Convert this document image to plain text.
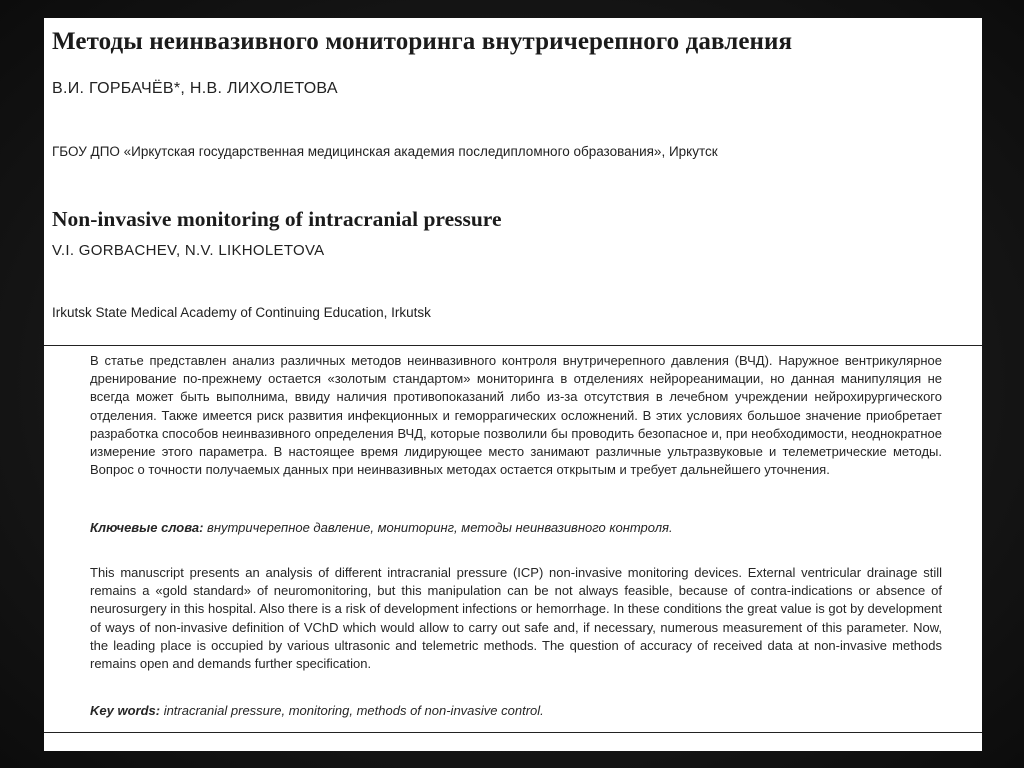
Методы неинвазивного мониторинга внутричерепного давления
В.И. ГОРБАЧЁВ*, Н.В. ЛИХОЛЕТОВА
ГБОУ ДПО «Иркутская государственная медицинская академия последипломного образования», Иркутск
Non-invasive monitoring of intracranial pressure
V.I. GORBACHEV, N.V. LIKHOLETOVA
Irkutsk State Medical Academy of Continuing Education, Irkutsk

В статье представлен анализ различных методов неинвазивного контроля внутричерепного давления (ВЧД). Наружное вентрикулярное дренирование по-прежнему остается «золотым стандартом» мониторинга в отделениях нейрореанимации, но данная манипуляция не всегда может быть выполнима, ввиду наличия противопоказаний либо из-за отсутствия в лечебном учреждении нейрохирургического отделения. Также имеется риск развития инфекционных и геморрагических осложнений. В этих условиях большое значение приобретает разработка способов неинвазивного определения ВЧД, которые позволили бы проводить безопасное и, при необходимости, неоднократное измерение этого параметра. В настоящее время лидирующее место занимают различные ультразвуковые и телеметрические методы. Вопрос о точности получаемых данных при неинвазивных методах остается открытым и требует дальнейшего уточнения.

Ключевые слова: внутричерепное давление, мониторинг, методы неинвазивного контроля.

This manuscript presents an analysis of different intracranial pressure (ICP) non-invasive monitoring devices. External ventricular drainage still remains a «gold standard» of neuromonitoring, but this manipulation can be not always feasible, because of contra-indications or absence of neurosurgery in this hospital. Also there is a risk of development infections or hemorrhage. In these conditions the great value is got by development of ways of non-invasive definition of VChD which would allow to carry out safe and, if necessary, numerous measurement of this parameter. Now, the leading place is occupied by various ultrasonic and telemetric methods. The question of accuracy of received data at non-invasive methods remains open and demands further specification.

Key words: intracranial pressure, monitoring, methods of non-invasive control.
